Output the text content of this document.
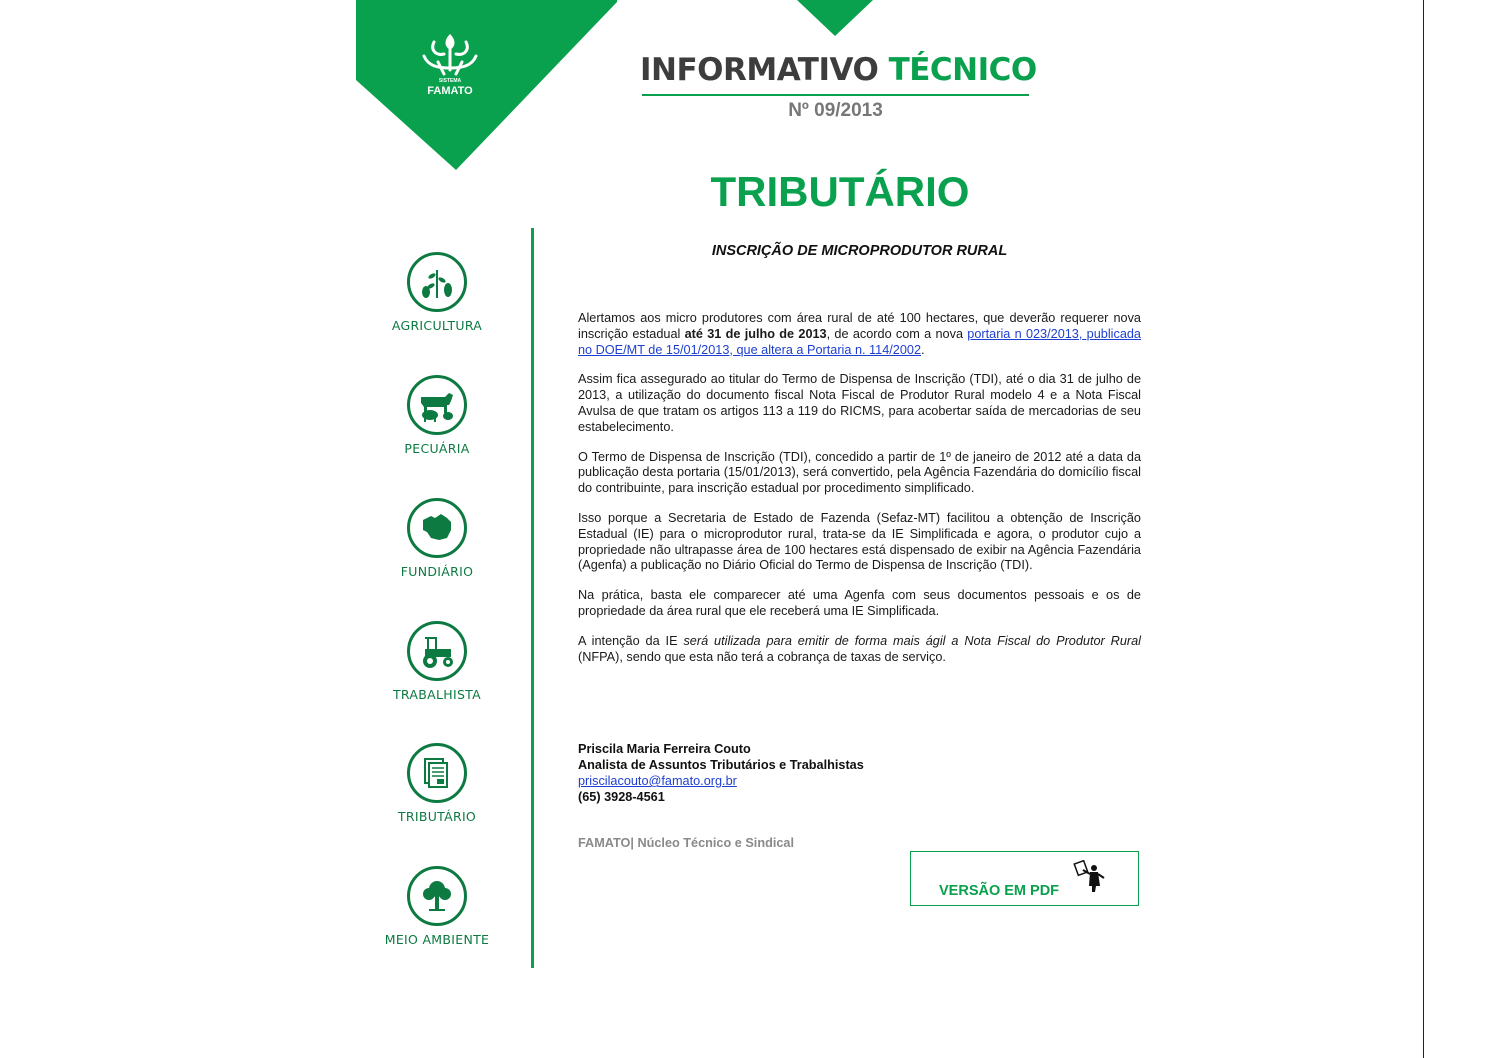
SISTEMA
FAMATO
INFORMATIVO TÉCNICO
Nº 09/2013
TRIBUTÁRIO
AGRICULTURA
PECUÁRIA
FUNDIÁRIO
TRABALHISTA
TRIBUTÁRIO
MEIO AMBIENTE
INSCRIÇÃO DE MICROPRODUTOR RURAL

Alertamos aos micro produtores com área rural de até 100 hectares, que deverão requerer nova inscrição estadual até 31 de julho de 2013, de acordo com a nova portaria n 023/2013, publicada no DOE/MT de 15/01/2013, que altera a Portaria n. 114/2002.

Assim fica assegurado ao titular do Termo de Dispensa de Inscrição (TDI), até o dia 31 de julho de 2013, a utilização do documento fiscal Nota Fiscal de Produtor Rural modelo 4 e a Nota Fiscal Avulsa de que tratam os artigos 113 a 119 do RICMS, para acobertar saída de mercadorias de seu estabelecimento.

O Termo de Dispensa de Inscrição (TDI), concedido a partir de 1º de janeiro de 2012 até a data da publicação desta portaria (15/01/2013), será convertido, pela Agência Fazendária do domicílio fiscal do contribuinte, para inscrição estadual por procedimento simplificado.

Isso porque a Secretaria de Estado de Fazenda (Sefaz-MT) facilitou a obtenção de Inscrição Estadual (IE) para o microprodutor rural, trata-se da IE Simplificada e agora, o produtor cujo a propriedade não ultrapasse área de 100 hectares está dispensado de exibir na Agência Fazendária (Agenfa) a publicação no Diário Oficial do Termo de Dispensa de Inscrição (TDI).

Na prática, basta ele comparecer até uma Agenfa com seus documentos pessoais e os de propriedade da área rural que ele receberá uma IE Simplificada.

A intenção da IE será utilizada para emitir de forma mais ágil a Nota Fiscal do Produtor Rural (NFPA), sendo que esta não terá a cobrança de taxas de serviço.

Priscila Maria Ferreira Couto
Analista de Assuntos Tributários e Trabalhistas
priscilacouto@famato.org.br
(65) 3928-4561
FAMATO| Núcleo Técnico e Sindical
VERSÃO EM PDF
